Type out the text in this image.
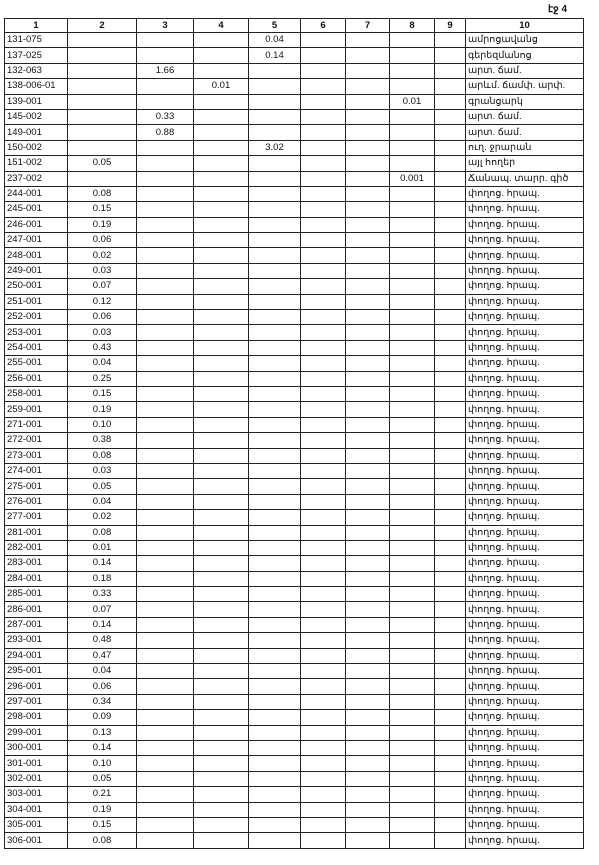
էջ 4
1	2	3	4	5	6	7	8	9	10
131-075				0.04					ամրոցավանց
137-025				0.14					գերեզմանոց
132-063		1.66							արտ. ճամ.
138-006-01			0.01						արևմ. ճամփ. արփ.
139-001							0.01		գրանցարկ
145-002		0.33							արտ. ճամ.
149-001		0.88							արտ. ճամ.
150-002				3.02					ուղ. ջրարան
151-002	0.05								այլ հողեր
237-002							0.001		Ճանապ. տարր. գիծ
244-001	0.08								փողոց. հրապ.
245-001	0.15								փողոց. հրապ.
246-001	0.19								փողոց. հրապ.
247-001	0.06								փողոց. հրապ.
248-001	0.02								փողոց. հրապ.
249-001	0.03								փողոց. հրապ.
250-001	0.07								փողոց. հրապ.
251-001	0.12								փողոց. հրապ.
252-001	0.06								փողոց. հրապ.
253-001	0.03								փողոց. հրապ.
254-001	0.43								փողոց. հրապ.
255-001	0.04								փողոց. հրապ.
256-001	0.25								փողոց. հրապ.
258-001	0.15								փողոց. հրապ.
259-001	0.19								փողոց. հրապ.
271-001	0.10								փողոց. հրապ.
272-001	0.38								փողոց. հրապ.
273-001	0.08								փողոց. հրապ.
274-001	0.03								փողոց. հրապ.
275-001	0.05								փողոց. հրապ.
276-001	0.04								փողոց. հրապ.
277-001	0.02								փողոց. հրապ.
281-001	0.08								փողոց. հրապ.
282-001	0.01								փողոց. հրապ.
283-001	0.14								փողոց. հրապ.
284-001	0.18								փողոց. հրապ.
285-001	0.33								փողոց. հրապ.
286-001	0.07								փողոց. հրապ.
287-001	0.14								փողոց. հրապ.
293-001	0.48								փողոց. հրապ.
294-001	0.47								փողոց. հրապ.
295-001	0.04								փողոց. հրապ.
296-001	0.06								փողոց. հրապ.
297-001	0.34								փողոց. հրապ.
298-001	0.09								փողոց. հրապ.
299-001	0.13								փողոց. հրապ.
300-001	0.14								փողոց. հրապ.
301-001	0.10								փողոց. հրապ.
302-001	0.05								փողոց. հրապ.
303-001	0.21								փողոց. հրապ.
304-001	0.19								փողոց. հրապ.
305-001	0.15								փողոց. հրապ.
306-001	0.08								փողոց. հրապ.
